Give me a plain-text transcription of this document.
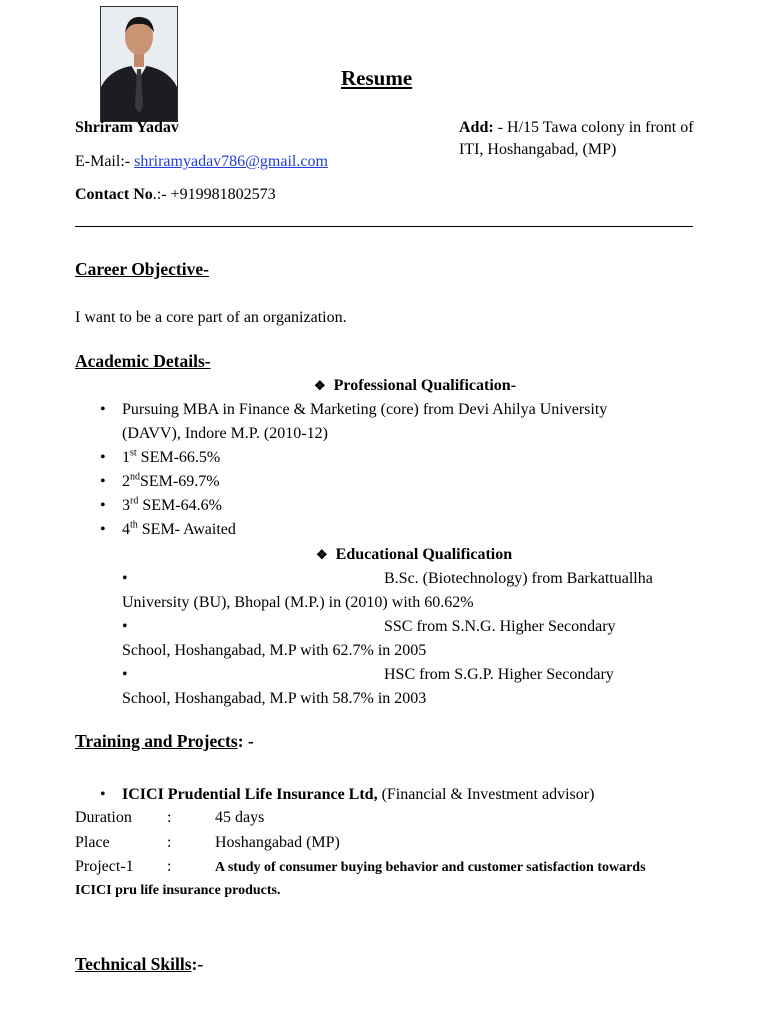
Resume
Shriram Yadav
E-Mail:- shriramyadav786@gmail.com
Contact No.:- +919981802573
Add: - H/15 Tawa colony in front of
ITI, Hoshangabad, (MP)
Career Objective-
I want to be a core part of an organization.
Academic Details-
❖ Professional Qualification-
• Pursuing MBA in Finance & Marketing (core) from Devi Ahilya University
(DAVV), Indore M.P. (2010-12)
• 1st SEM-66.5%
• 2ndSEM-69.7%
• 3rd SEM-64.6%
• 4th SEM- Awaited
❖ Educational Qualification
•	B.Sc. (Biotechnology) from Barkattuallha
University (BU), Bhopal (M.P.) in (2010) with 60.62%
•	SSC from S.N.G. Higher Secondary
School, Hoshangabad, M.P with 62.7% in 2005
•	HSC from S.G.P. Higher Secondary
School, Hoshangabad, M.P with 58.7% in 2003
Training and Projects: -
• ICICI Prudential Life Insurance Ltd, (Financial & Investment advisor)
Duration :	45 days
Place	:	Hoshangabad (MP)
Project-1 :	A study of consumer buying behavior and customer satisfaction towards
ICICI pru life insurance products.
Technical Skills:-
